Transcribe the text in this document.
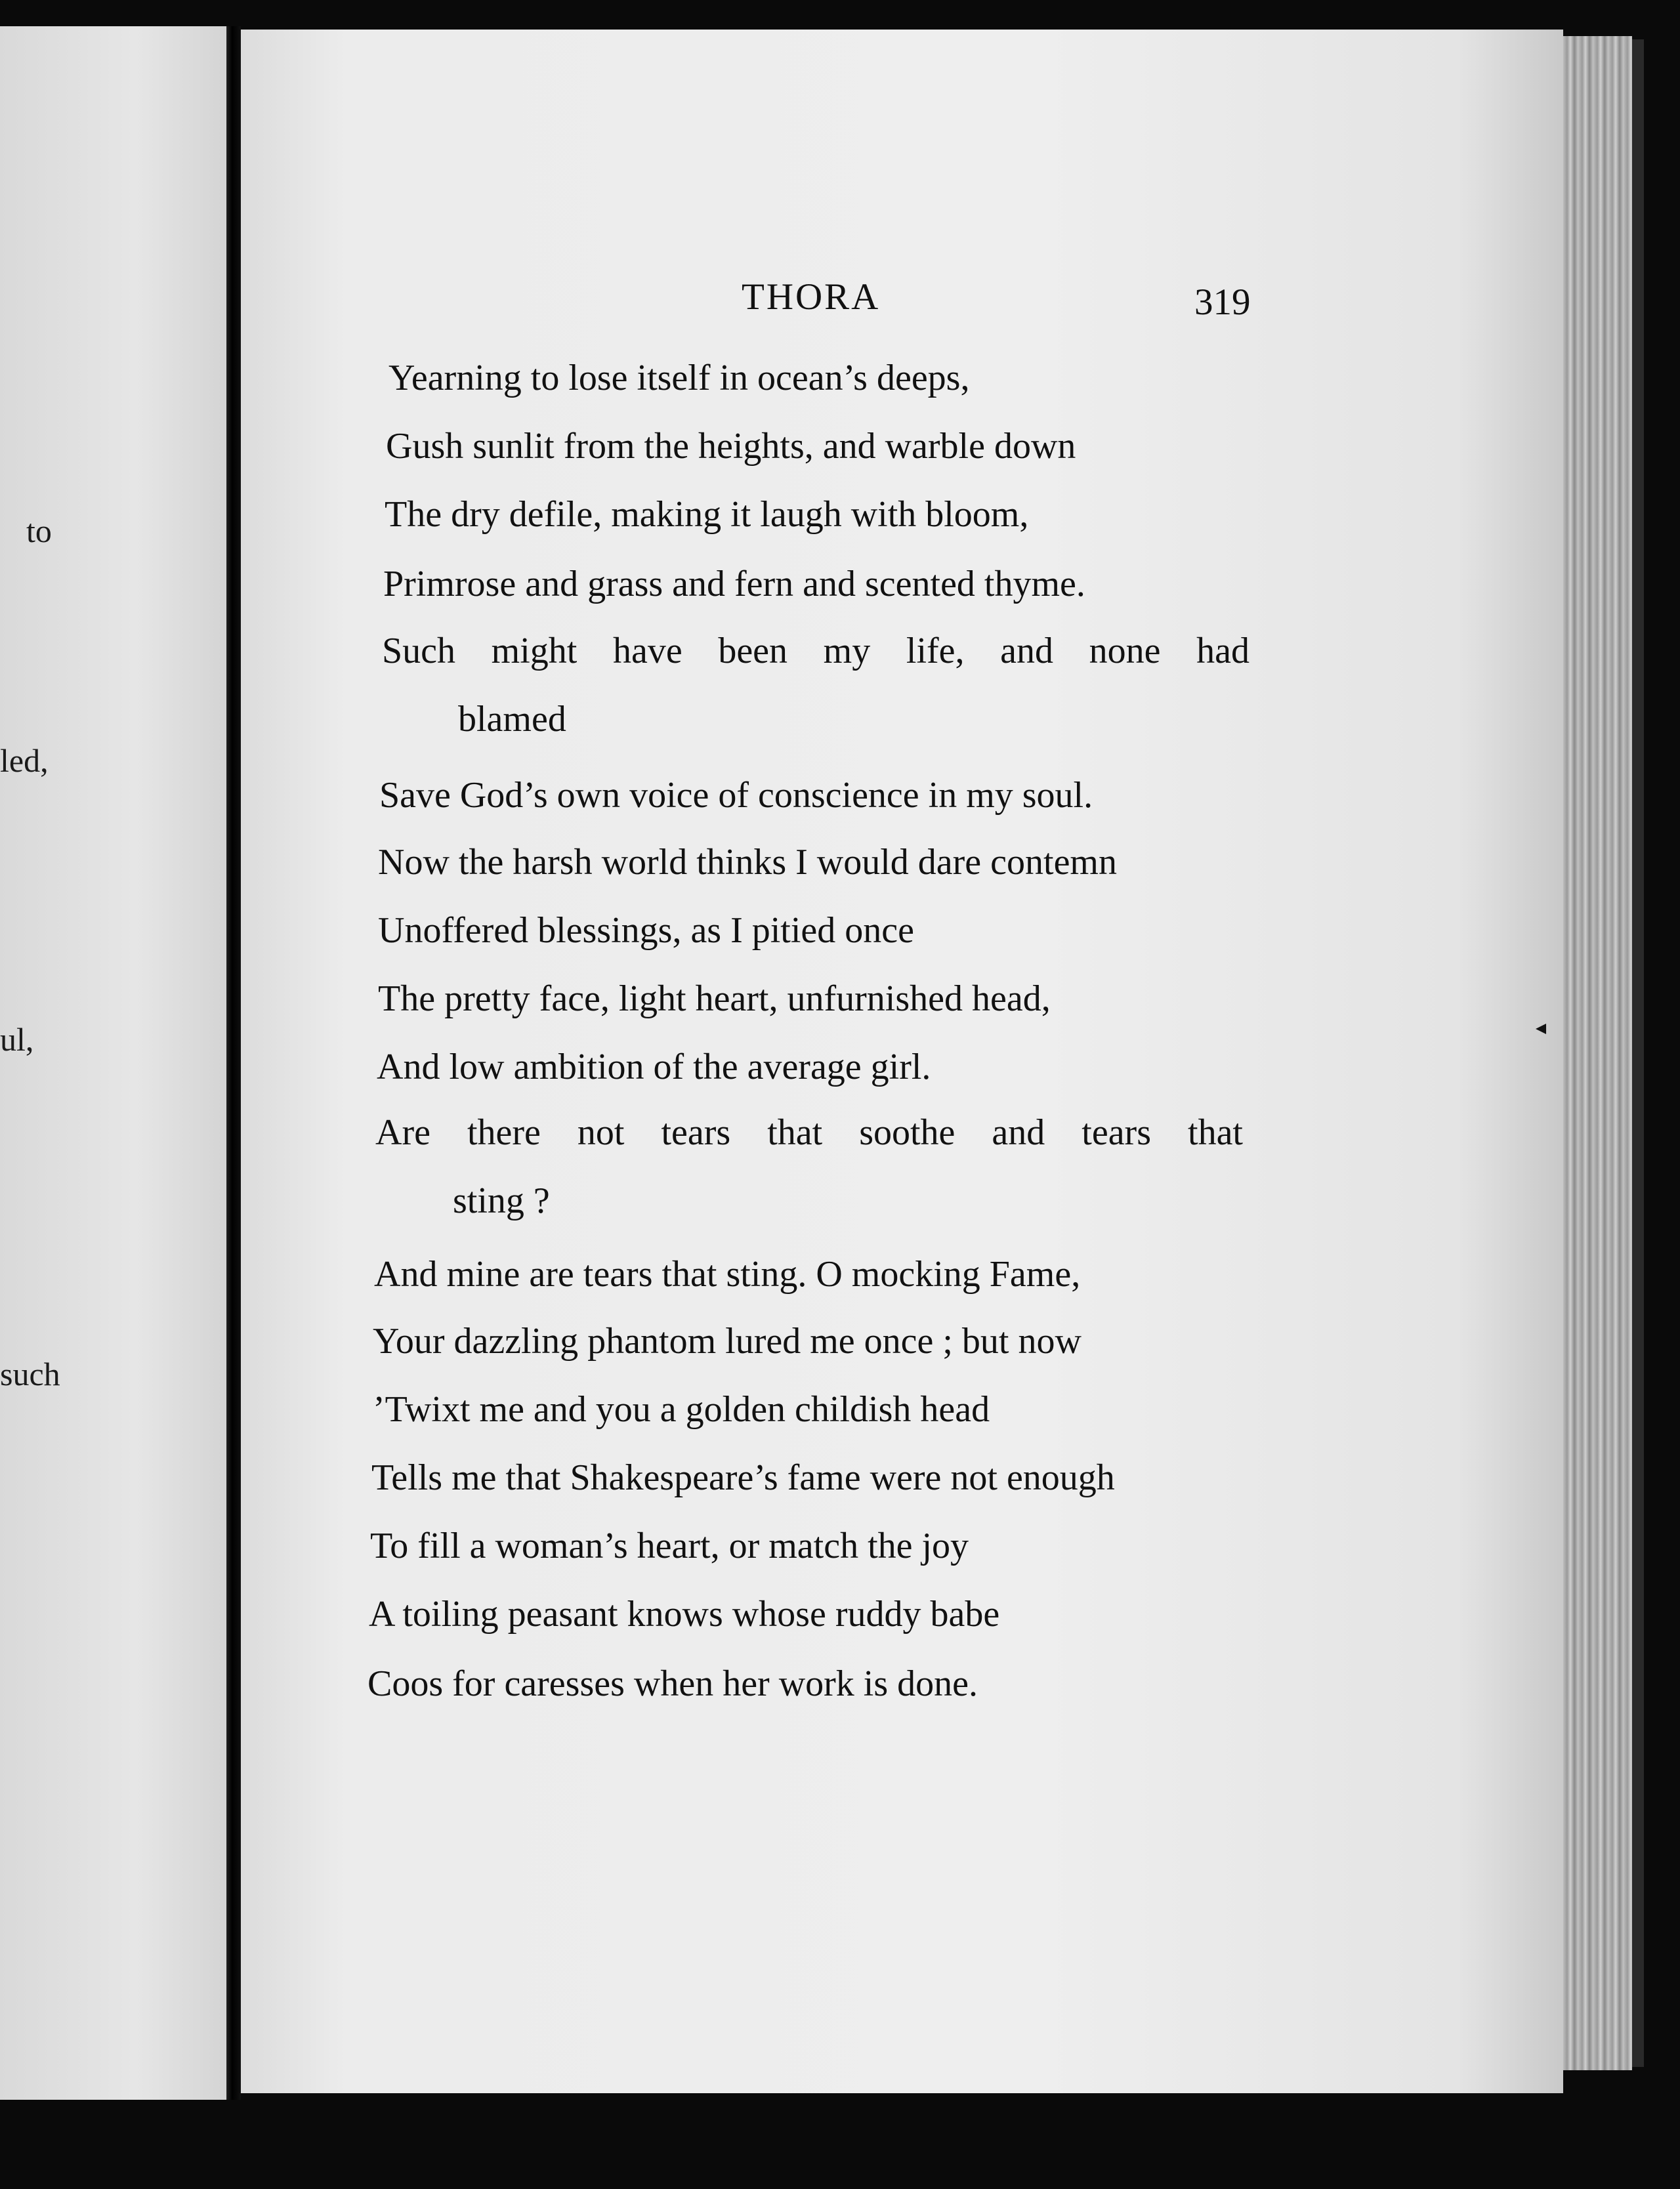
to
led,
ul,
such
THORA	319
Yearning to lose itself in ocean’s deeps,
Gush sunlit from the heights, and warble down
The dry defile, making it laugh with bloom,
Primrose and grass and fern and scented thyme.
Such might have been my life, and none had
blamed
Save God’s own voice of conscience in my soul.
Now the harsh world thinks I would dare contemn
Unoffered blessings, as I pitied once
The pretty face, light heart, unfurnished head,
And low ambition of the average girl.
Are there not tears that soothe and tears that
sting ?
And mine are tears that sting. O mocking Fame,
Your dazzling phantom lured me once ; but now
’Twixt me and you a golden childish head
Tells me that Shakespeare’s fame were not enough
To fill a woman’s heart, or match the joy
A toiling peasant knows whose ruddy babe
Coos for caresses when her work is done.
